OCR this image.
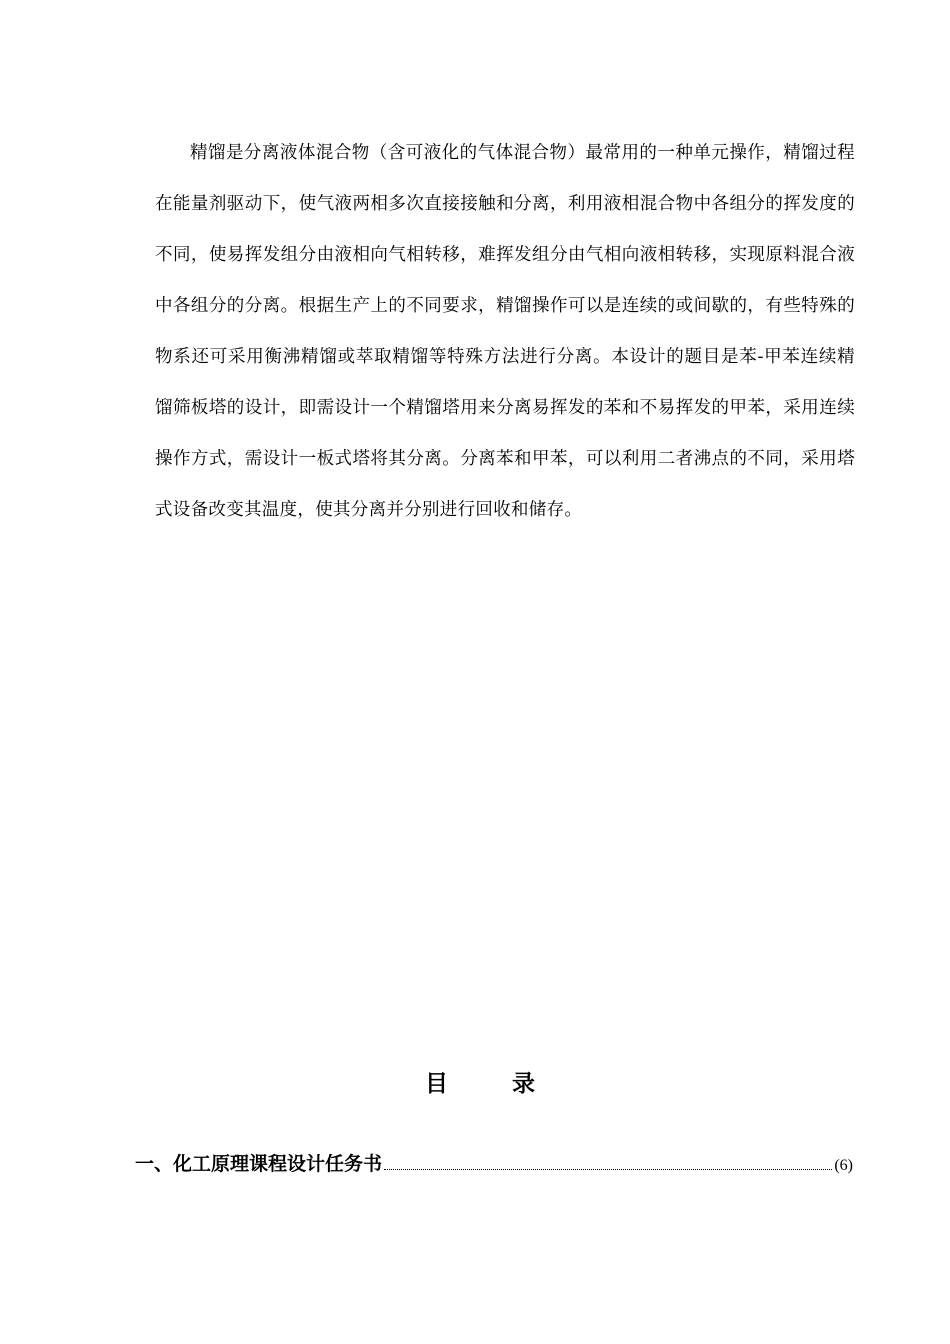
精馏是分离液体混合物（含可液化的气体混合物）最常用的一种单元操作，精馏过程在能量剂驱动下，使气液两相多次直接接触和分离，利用液相混合物中各组分的挥发度的不同，使易挥发组分由液相向气相转移，难挥发组分由气相向液相转移，实现原料混合液中各组分的分离。根据生产上的不同要求，精馏操作可以是连续的或间歇的，有些特殊的物系还可采用衡沸精馏或萃取精馏等特殊方法进行分离。本设计的题目是苯-甲苯连续精馏筛板塔的设计，即需设计一个精馏塔用来分离易挥发的苯和不易挥发的甲苯，采用连续操作方式，需设计一板式塔将其分离。分离苯和甲苯，可以利用二者沸点的不同，采用塔式设备改变其温度，使其分离并分别进行回收和储存。

目录
一、化工原理课程设计任务书	(6)
